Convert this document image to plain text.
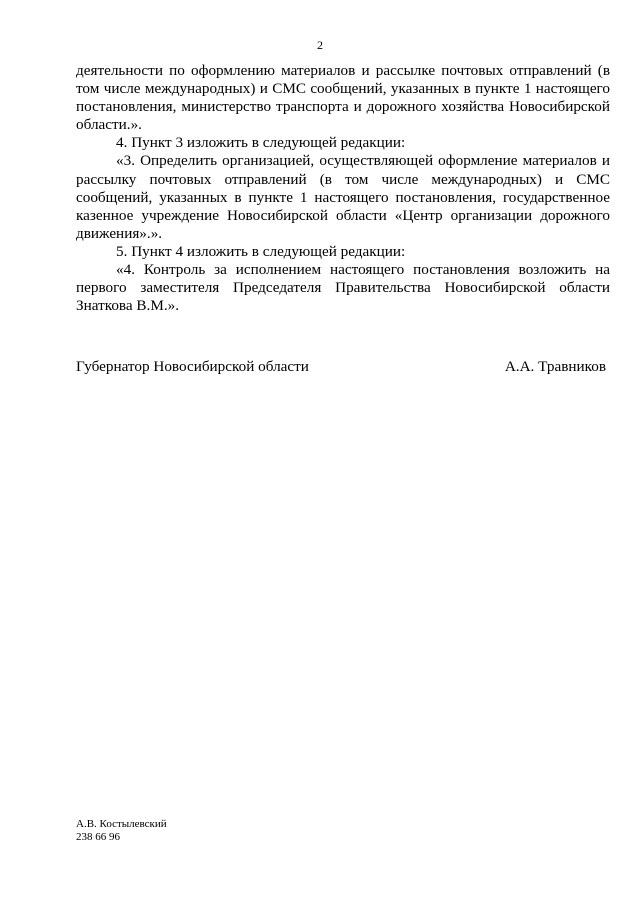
2

деятельности по оформлению материалов и рассылке почтовых отправлений (в том числе международных) и СМС сообщений, указанных в пункте 1 настоящего постановления, министерство транспорта и дорожного хозяйства Новосибирской области.».

4. Пункт 3 изложить в следующей редакции:

«3. Определить организацией, осуществляющей оформление материалов и рассылку почтовых отправлений (в том числе международных) и СМС сообщений, указанных в пункте 1 настоящего постановления, государственное казенное учреждение Новосибирской области «Центр организации дорожного движения».».

5. Пункт 4 изложить в следующей редакции:

«4. Контроль за исполнением настоящего постановления возложить на первого заместителя Председателя Правительства Новосибирской области Знаткова В.М.».

Губернатор Новосибирской области	А.А. Травников
А.В. Костылевский
238 66 96
